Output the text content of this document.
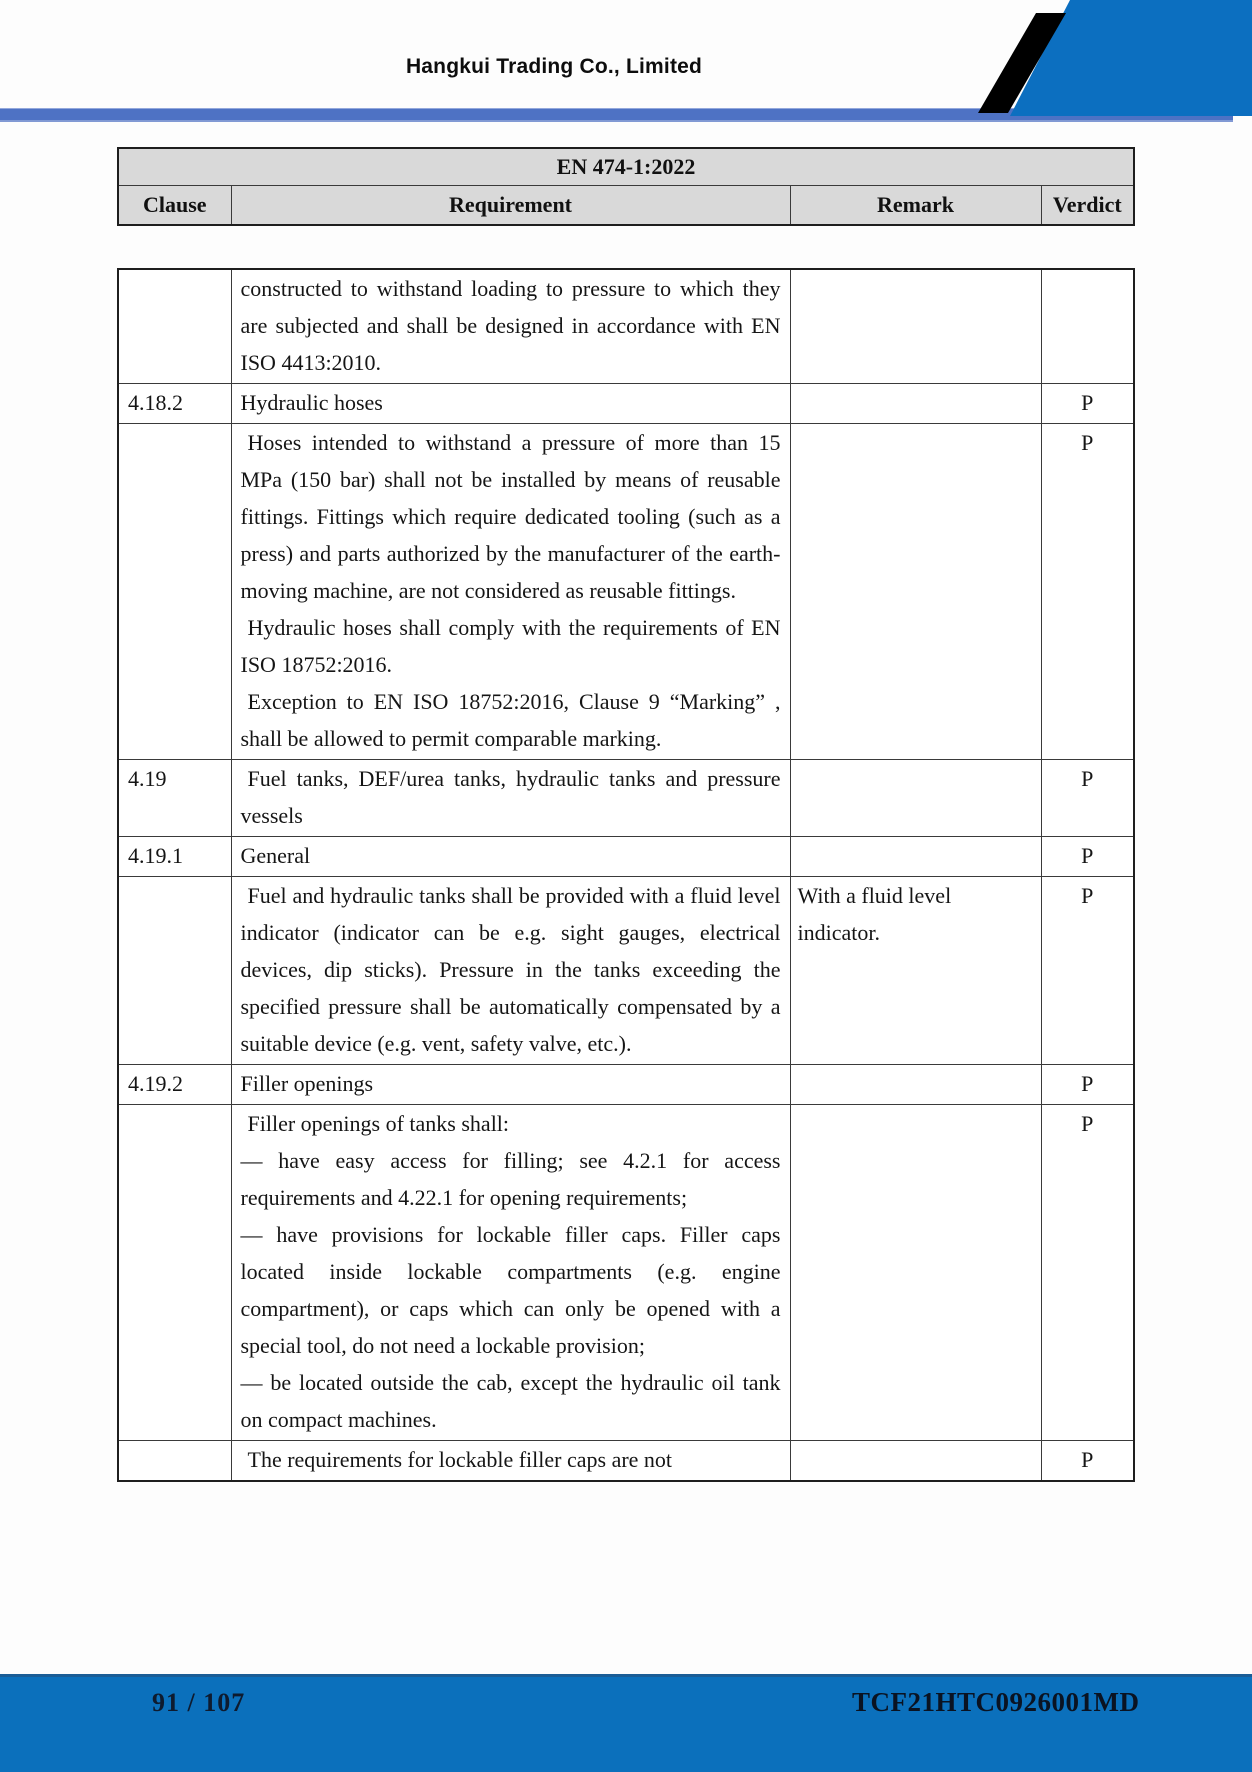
Hangkui Trading Co., Limited
EN 474-1:2022
Clause	Requirement	Remark	Verdict

	constructed to withstand loading to pressure to which they are subjected and shall be designed in accordance with EN ISO 4413:2010.		

4.18.2	Hydraulic hoses		P

	Hoses intended to withstand a pressure of more than 15 MPa (150 bar) shall not be installed by means of reusable fittings. Fittings which require dedicated tooling (such as a press) and parts authorized by the manufacturer of the earth-moving machine, are not considered as reusable fittings.

Hydraulic hoses shall comply with the requirements of EN ISO 18752:2016.

Exception to EN ISO 18752:2016, Clause 9 “Marking” , shall be allowed to permit comparable marking.		P
4.19	Fuel tanks, DEF/urea tanks, hydraulic tanks and pressure vessels		P
4.19.1	General		P

	Fuel and hydraulic tanks shall be provided with a fluid level indicator (indicator can be e.g. sight gauges, electrical devices, dip sticks). Pressure in the tanks exceeding the specified pressure shall be automatically compensated by a suitable device (e.g. vent, safety valve, etc.).	With a fluid level indicator.	P
4.19.2	Filler openings		P

	Filler openings of tanks shall:

— have easy access for filling; see 4.2.1 for access requirements and 4.22.1 for opening requirements;

— have provisions for lockable filler caps. Filler caps located inside lockable compartments (e.g. engine compartment), or caps which can only be opened with a special tool, do not need a lockable provision;

— be located outside the cab, except the hydraulic oil tank on compact machines.		P

	The requirements for lockable filler caps are not		P
91 / 107	TCF21HTC0926001MD
